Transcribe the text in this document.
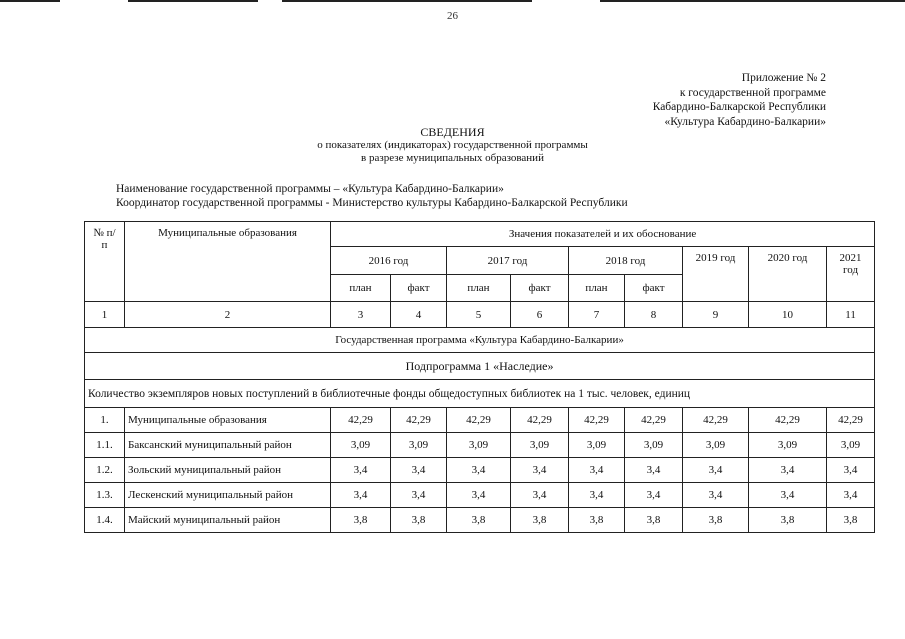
26
Приложение № 2
к государственной программе
Кабардино-Балкарской Республики
«Культура Кабардино-Балкарии»
СВЕДЕНИЯ
о показателях (индикаторах) государственной программы
в разрезе муниципальных образований
Наименование государственной программы – «Культура Кабардино-Балкарии»
Координатор государственной программы - Министерство культуры Кабардино-Балкарской Республики
№ п/п	Муниципальные образования	Значения показателей и их обоснование								
		2016 год		2017 год		2018 год		2019 год	2020 год	2021 год
		план	факт	план	факт	план	факт			
1	2	3	4	5	6	7	8	9	10	11
Государственная программа «Культура Кабардино-Балкарии»										
Подпрограмма 1 «Наследие»										
Количество экземпляров новых поступлений в библиотечные фонды общедоступных библиотек на 1 тыс. человек, единиц										
1.	Муниципальные образования	42,29	42,29	42,29	42,29	42,29	42,29	42,29	42,29	42,29
1.1.	Баксанский муниципальный район	3,09	3,09	3,09	3,09	3,09	3,09	3,09	3,09	3,09
1.2.	Зольский муниципальный район	3,4	3,4	3,4	3,4	3,4	3,4	3,4	3,4	3,4
1.3.	Лескенский муниципальный район	3,4	3,4	3,4	3,4	3,4	3,4	3,4	3,4	3,4
1.4.	Майский муниципальный район	3,8	3,8	3,8	3,8	3,8	3,8	3,8	3,8	3,8
